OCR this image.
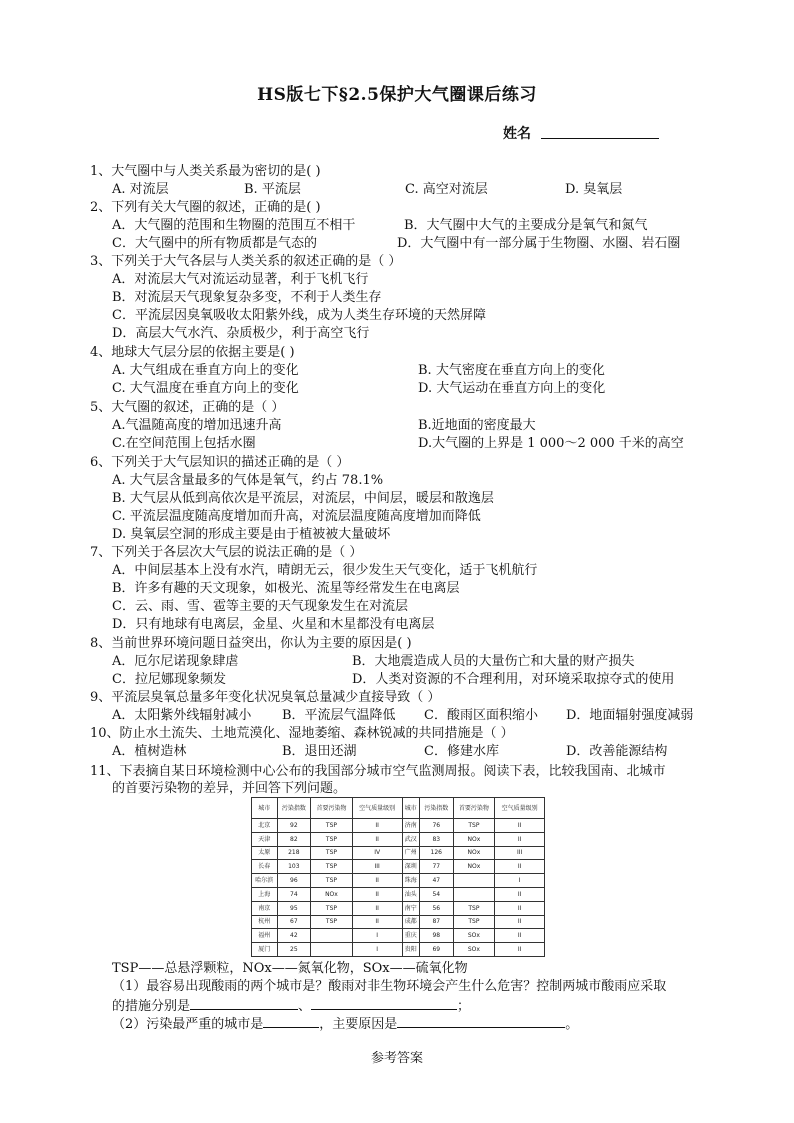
HS版七下§2.5保护大气圈课后练习
姓名
1、大气圈中与人类关系最为密切的是( )
A. 对流层	B. 平流层	C. 高空对流层	D. 臭氧层
2、下列有关大气圈的叙述，正确的是( )
A．大气圈的范围和生物圈的范围互不相干	B．大气圈中大气的主要成分是氧气和氮气
C．大气圈中的所有物质都是气态的	D．大气圈中有一部分属于生物圈、水圈、岩石圈
3、下列关于大气各层与人类关系的叙述正确的是（ ）
A．对流层大气对流运动显著，利于飞机飞行
B．对流层天气现象复杂多变，不利于人类生存
C．平流层因臭氧吸收太阳紫外线，成为人类生存环境的天然屏障
D．高层大气水汽、杂质极少，利于高空飞行
4、地球大气层分层的依据主要是( )
A. 大气组成在垂直方向上的变化	B. 大气密度在垂直方向上的变化
C. 大气温度在垂直方向上的变化	D. 大气运动在垂直方向上的变化
5、大气圈的叙述，正确的是（ ）
A.气温随高度的增加迅速升高	B.近地面的密度最大
C.在空间范围上包括水圈	D.大气圈的上界是 1 000～2 000 千米的高空
6、下列关于大气层知识的描述正确的是（ ）
A. 大气层含量最多的气体是氧气，约占 78.1%
B. 大气层从低到高依次是平流层，对流层，中间层，暖层和散逸层
C. 平流层温度随高度增加而升高，对流层温度随高度增加而降低
D. 臭氧层空洞的形成主要是由于植被被大量破坏
7、下列关于各层次大气层的说法正确的是（ ）
A．中间层基本上没有水汽，晴朗无云，很少发生天气变化，适于飞机航行
B．许多有趣的天文现象，如极光、流星等经常发生在电离层
C．云、雨、雪、雹等主要的天气现象发生在对流层
D．只有地球有电离层，金星、火星和木星都没有电离层
8、当前世界环境问题日益突出，你认为主要的原因是( )
A．厄尔尼诺现象肆虐	B．大地震造成人员的大量伤亡和大量的财产损失
C．拉尼娜现象频发	D．人类对资源的不合理利用，对环境采取掠夺式的使用
9、平流层臭氧总量多年变化状况臭氧总量减少直接导致（ ）
A．太阳紫外线辐射减小 B．平流层气温降低 C．酸雨区面积缩小 D．地面辐射强度减弱
10、防止水土流失、土地荒漠化、湿地萎缩、森林锐减的共同措施是（ ）
A．植树造林	B．退田还湖	C．修建水库	D．改善能源结构
11、下表摘自某日环境检测中心公布的我国部分城市空气监测周报。阅读下表，比较我国南、北城市
的首要污染物的差异，并回答下列问题。
城市	污染指数	首要污染物	空气质量级别	城市	污染指数	首要污染物	空气质量级别
北京	92	TSP	II	济南	76	TSP	II
天津	82	TSP	II	武汉	83	NOx	II
太原	218	TSP	IV	广州	126	NOx	III
长春	103	TSP	III	深圳	77	NOx	II
哈尔滨	96	TSP	II	珠海	47		I
上海	74	NOx	II	汕头	54		II
南京	95	TSP	II	南宁	56	TSP	II
杭州	67	TSP	II	成都	87	TSP	II
福州	42		I	重庆	98	SOx	II
厦门	25		I	贵阳	69	SOx	II
TSP——总悬浮颗粒，NOx——氮氧化物，SOx——硫氧化物
（1）最容易出现酸雨的两个城市是？酸雨对非生物环境会产生什么危害？控制两城市酸雨应采取
的措施分别是	、	；
（2）污染最严重的城市是	，主要原因是	。
参考答案
